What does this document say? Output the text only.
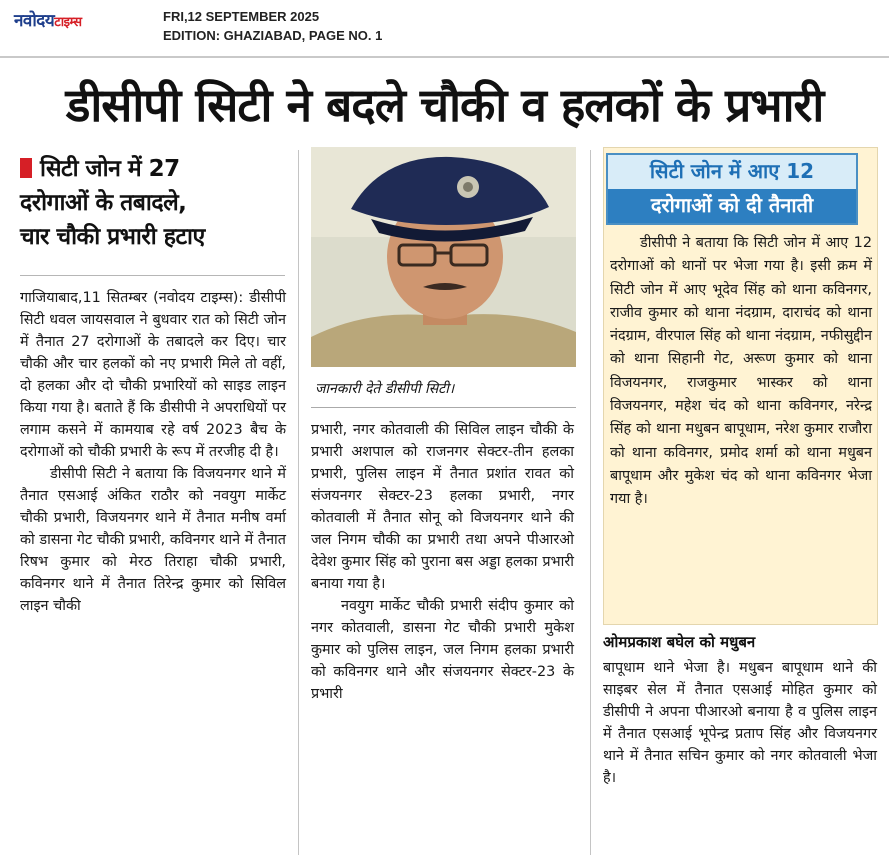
नवोदयटाइम्स	FRI,12 SEPTEMBER 2025
EDITION: GHAZIABAD, PAGE NO. 1
डीसीपी सिटी ने बदले चौकी व हलकों के प्रभारी
सिटी जोन में 27
दरोगाओं के तबादले,
चार चौकी प्रभारी हटाए

गाजियाबाद,11 सितम्बर (नवोदय टाइम्स): डीसीपी सिटी धवल जायसवाल ने बुधवार रात को सिटी जोन में तैनात 27 दरोगाओं के तबादले कर दिए। चार चौकी और चार हलकों को नए प्रभारी मिले तो वहीं, दो हलका और दो चौकी प्रभारियों को साइड लाइन किया गया है। बताते हैं कि डीसीपी ने अपराधियों पर लगाम कसने में कामयाब रहे वर्ष 2023 बैच के दरोगाओं को चौकी प्रभारी के रूप में तरजीह दी है।

डीसीपी सिटी ने बताया कि विजयनगर थाने में तैनात एसआई अंकित राठौर को नवयुग मार्केट चौकी प्रभारी, विजयनगर थाने में तैनात मनीष वर्मा को डासना गेट चौकी प्रभारी, कविनगर थाने में तैनात रिषभ कुमार को मेरठ तिराहा चौकी प्रभारी, कविनगर थाने में तैनात तिरेन्द्र कुमार को सिविल लाइन चौकी

जानकारी देते डीसीपी सिटी।

प्रभारी, नगर कोतवाली की सिविल लाइन चौकी के प्रभारी अशपाल को राजनगर सेक्टर-तीन हलका प्रभारी, पुलिस लाइन में तैनात प्रशांत रावत को संजयनगर सेक्टर-23 हलका प्रभारी, नगर कोतवाली में तैनात सोनू को विजयनगर थाने की जल निगम चौकी का प्रभारी तथा अपने पीआरओ देवेश कुमार सिंह को पुराना बस अड्डा हलका प्रभारी बनाया गया है।

नवयुग मार्केट चौकी प्रभारी संदीप कुमार को नगर कोतवाली, डासना गेट चौकी प्रभारी मुकेश कुमार को पुलिस लाइन, जल निगम हलका प्रभारी को कविनगर थाने और संजयनगर सेक्टर-23 के प्रभारी

सिटी जोन में आए 12
दरोगाओं को दी तैनाती
डीसीपी ने बताया कि सिटी जोन में आए 12 दरोगाओं को थानों पर भेजा गया है। इसी क्रम में सिटी जोन में आए भूदेव सिंह को थाना कविनगर, राजीव कुमार को थाना नंदग्राम, दाराचंद को थाना नंदग्राम, वीरपाल सिंह को थाना नंदग्राम, नफीसुद्दीन को थाना सिहानी गेट, अरूण कुमार को थाना विजयनगर, राजकुमार भास्कर को थाना विजयनगर, महेश चंद को थाना कविनगर, नरेन्द्र सिंह को थाना मधुबन बापूधाम, नरेश कुमार राजौरा को थाना कविनगर, प्रमोद शर्मा को थाना मधुबन बापूधाम और मुकेश चंद को थाना कविनगर भेजा गया है।
ओमप्रकाश बघेल को मधुबन

बापूधाम थाने भेजा है। मधुबन बापूधाम थाने की साइबर सेल में तैनात एसआई मोहित कुमार को डीसीपी ने अपना पीआरओ बनाया है व पुलिस लाइन में तैनात एसआई भूपेन्द्र प्रताप सिंह और विजयनगर थाने में तैनात सचिन कुमार को नगर कोतवाली भेजा है।
